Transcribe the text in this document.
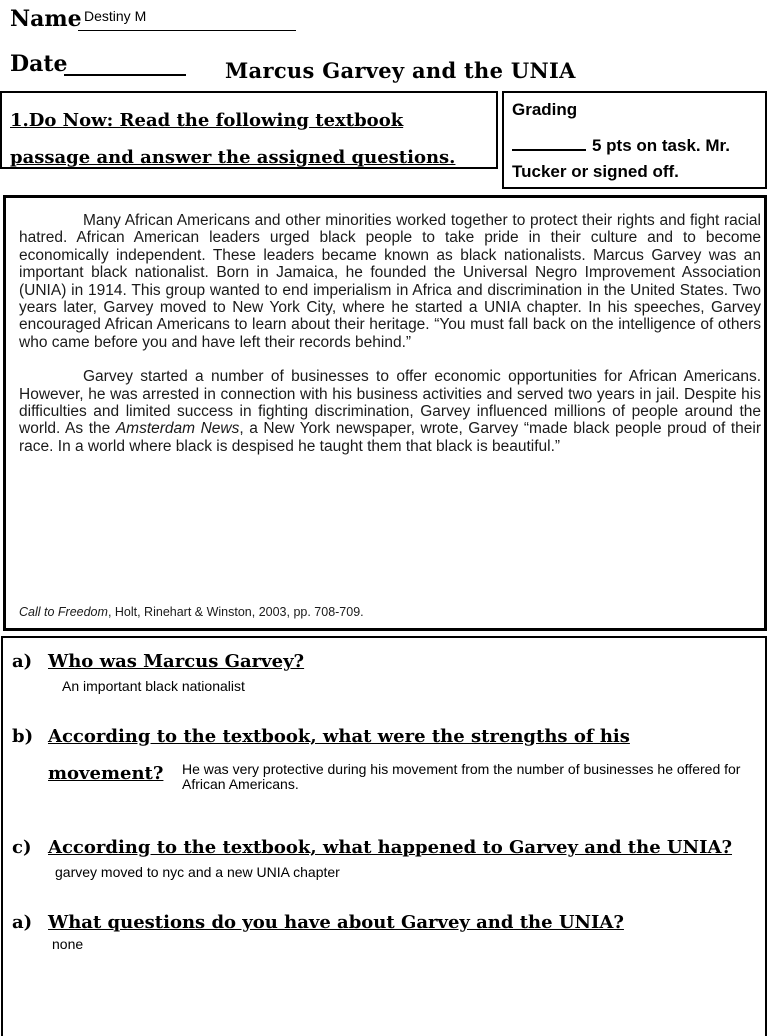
Name Destiny M
Date	Marcus Garvey and the UNIA
1.Do Now: Read the following textbook
passage and answer the assigned questions.
Grading
5 pts on task. Mr.
Tucker or signed off.

Many African Americans and other minorities worked together to protect their rights and fight racial hatred. African American leaders urged black people to take pride in their culture and to become economically independent. These leaders became known as black nationalists. Marcus Garvey was an important black nationalist. Born in Jamaica, he founded the Universal Negro Improvement Association (UNIA) in 1914. This group wanted to end imperialism in Africa and discrimination in the United States. Two years later, Garvey moved to New York City, where he started a UNIA chapter. In his speeches, Garvey encouraged African Americans to learn about their heritage. “You must fall back on the intelligence of others who came before you and have left their records behind.”

Garvey started a number of businesses to offer economic opportunities for African Americans. However, he was arrested in connection with his business activities and served two years in jail. Despite his difficulties and limited success in fighting discrimination, Garvey influenced millions of people around the world. As the Amsterdam News, a New York newspaper, wrote, Garvey “made black people proud of their race. In a world where black is despised he taught them that black is beautiful.”

Call to Freedom, Holt, Rinehart & Winston, 2003, pp. 708-709.
a) Who was Marcus Garvey?
An important black nationalist
b) According to the textbook, what were the strengths of his
movement? He was very protective during his movement from the number of businesses he offered for African Americans.
c) According to the textbook, what happened to Garvey and the UNIA?
garvey moved to nyc and a new UNIA chapter
a) What questions do you have about Garvey and the UNIA?
none
